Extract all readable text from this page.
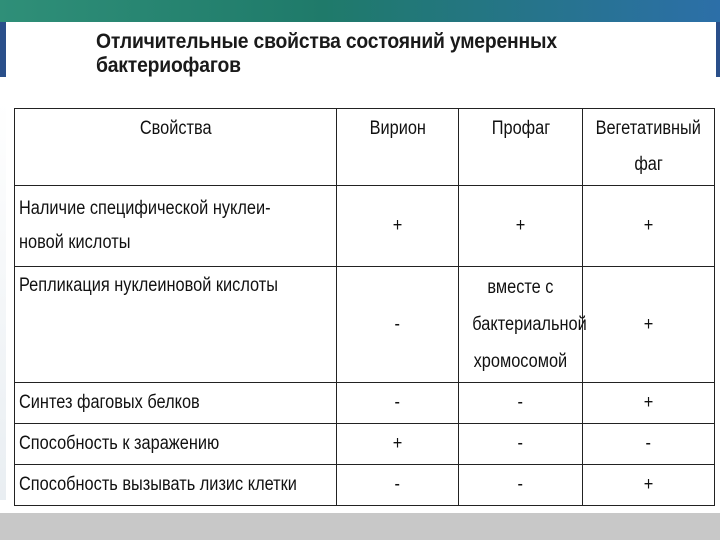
Отличительные свойства состояний умеренных бактериофагов
Свойства	Вирион	Профаг	Вегетативный
фаг
Наличие специфической нуклеи-
новой кислоты	+	+	+
Репликация нуклеиновой кислоты	-	вместе с
бактериальной
хромосомой	+
Синтез фаговых белков	-	-	+
Способность к заражению	+	-	-
Способность вызывать лизис клетки	-	-	+
